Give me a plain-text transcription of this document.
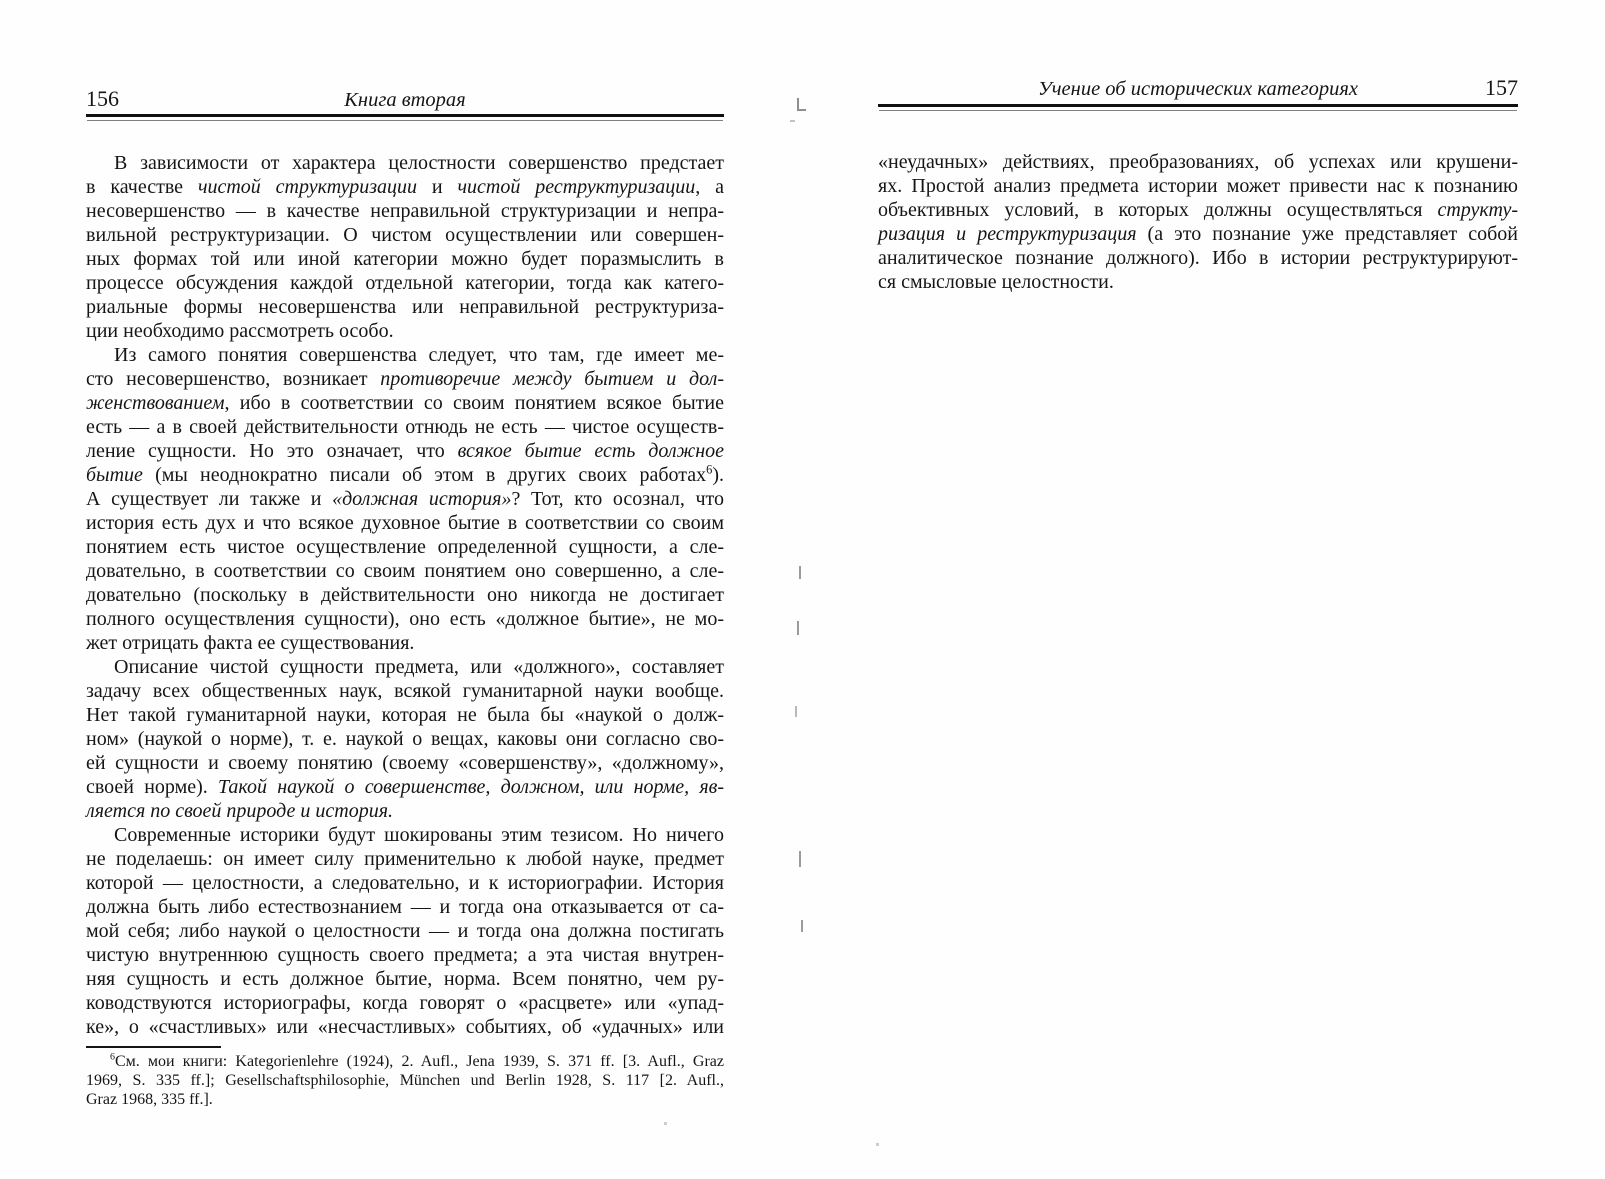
156	Книга вторая
В зависимости от характера целостности совершенство предстает
в качестве чистой структуризации и чистой реструктуризации, а
несовершенство — в качестве неправильной структуризации и непра-
вильной реструктуризации. О чистом осуществлении или совершен-
ных формах той или иной категории можно будет поразмыслить в
процессе обсуждения каждой отдельной категории, тогда как катего-
риальные формы несовершенства или неправильной реструктуриза-
ции необходимо рассмотреть особо.
Из самого понятия совершенства следует, что там, где имеет ме-
сто несовершенство, возникает противоречие между бытием и дол-
женствованием, ибо в соответствии со своим понятием всякое бытие
есть — а в своей действительности отнюдь не есть — чистое осуществ-
ление сущности. Но это означает, что всякое бытие есть должное
бытие (мы неоднократно писали об этом в других своих работах$^6$).
А существует ли также и «должная история»? Тот, кто осознал, что
история есть дух и что всякое духовное бытие в соответствии со своим
понятием есть чистое осуществление определенной сущности, а сле-
довательно, в соответствии со своим понятием оно совершенно, а сле-
довательно (поскольку в действительности оно никогда не достигает
полного осуществления сущности), оно есть «должное бытие», не мо-
жет отрицать факта ее существования.
Описание чистой сущности предмета, или «должного», составляет
задачу всех общественных наук, всякой гуманитарной науки вообще.
Нет такой гуманитарной науки, которая не была бы «наукой о долж-
ном» (наукой о норме), т. е. наукой о вещах, каковы они согласно сво-
ей сущности и своему понятию (своему «совершенству», «должному»,
своей норме). Такой наукой о совершенстве, должном, или норме, яв-
ляется по своей природе и история.
Современные историки будут шокированы этим тезисом. Но ничего
не поделаешь: он имеет силу применительно к любой науке, предмет
которой — целостности, а следовательно, и к историографии. История
должна быть либо естествознанием — и тогда она отказывается от са-
мой себя; либо наукой о целостности — и тогда она должна постигать
чистую внутреннюю сущность своего предмета; а эта чистая внутрен-
няя сущность и есть должное бытие, норма. Всем понятно, чем ру-
ководствуются историографы, когда говорят о «расцвете» или «упад-
ке», о «счастливых» или «несчастливых» событиях, об «удачных» или
$^6$См. мои книги: Kategorienlehre (1924), 2. Aufl., Jena 1939, S. 371 ff. [3. Aufl., Graz
1969, S. 335 ff.]; Gesellschaftsphilosophie, München und Berlin 1928, S. 117 [2. Aufl.,
Graz 1968, 335 ff.].
Учение об исторических категориях	157
«неудачных» действиях, преобразованиях, об успехах или крушени-
ях. Простой анализ предмета истории может привести нас к познанию
объективных условий, в которых должны осуществляться структу-
ризация и реструктуризация (а это познание уже представляет собой
аналитическое познание должного). Ибо в истории реструктурируют-
ся смысловые целостности.
